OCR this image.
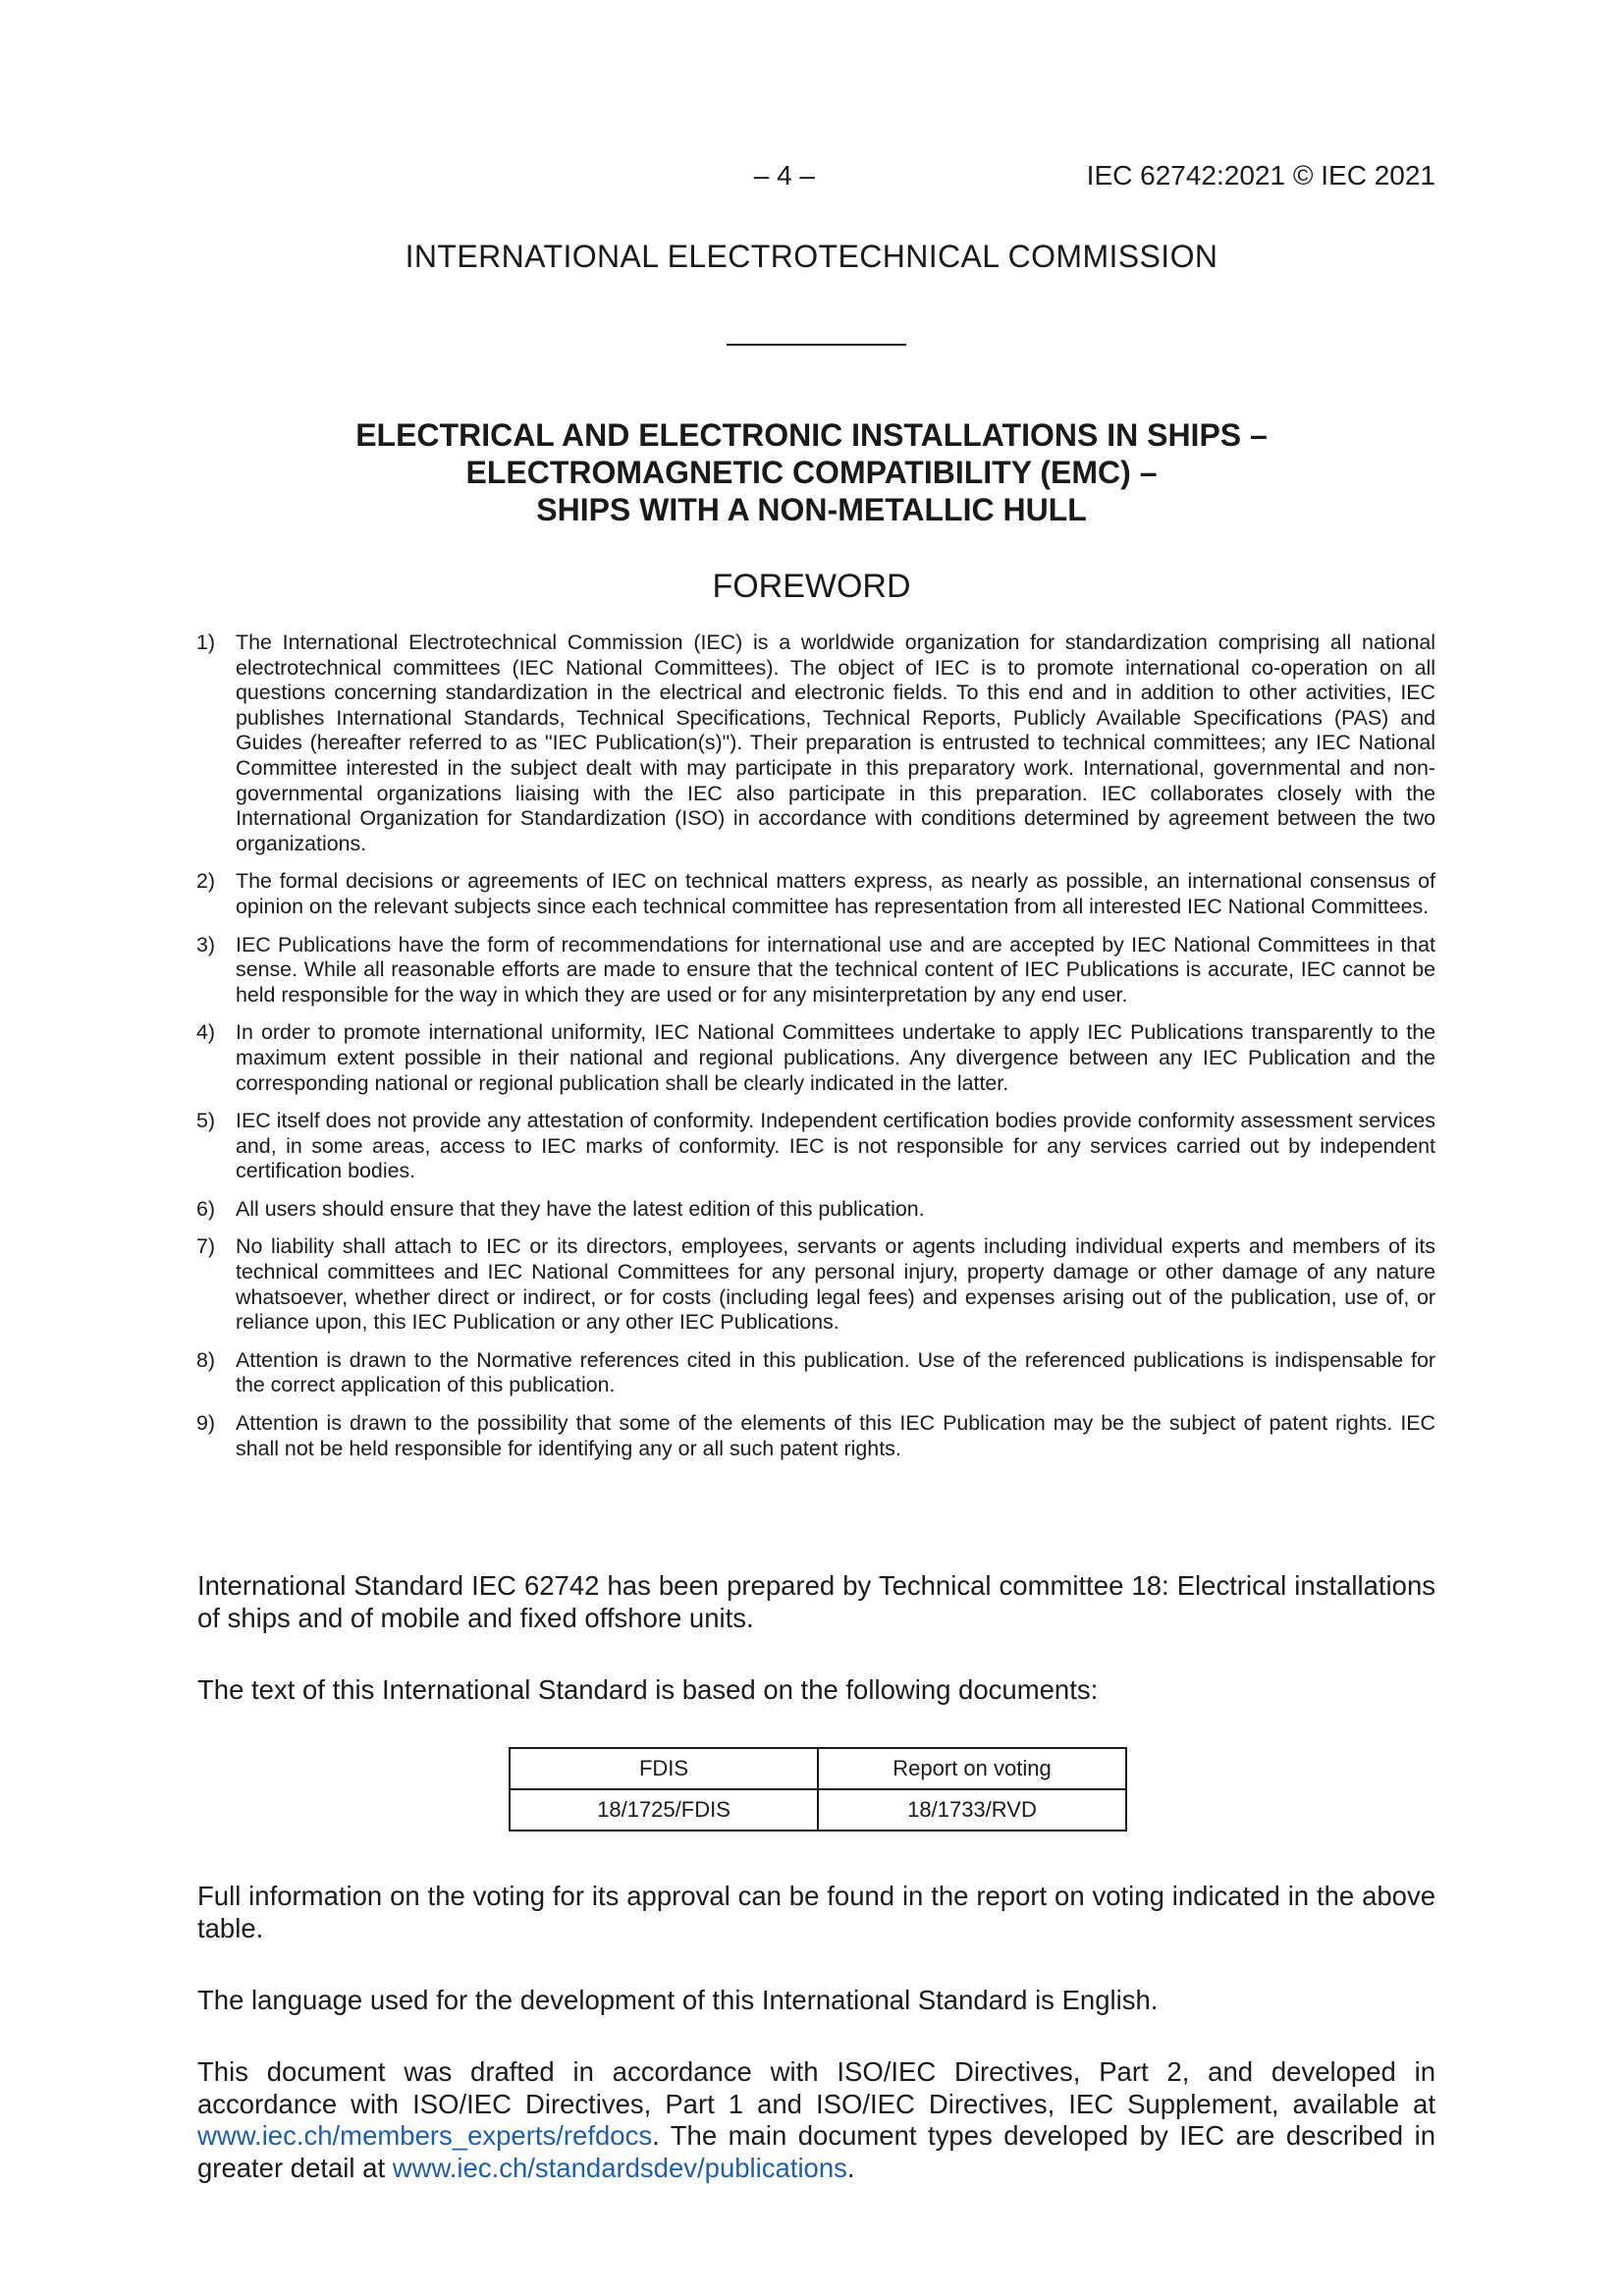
– 4 –	IEC 62742:2021 © IEC 2021
INTERNATIONAL ELECTROTECHNICAL COMMISSION
ELECTRICAL AND ELECTRONIC INSTALLATIONS IN SHIPS –
ELECTROMAGNETIC COMPATIBILITY (EMC) –
SHIPS WITH A NON-METALLIC HULL
FOREWORD
1) The International Electrotechnical Commission (IEC) is a worldwide organization for standardization comprising all national electrotechnical committees (IEC National Committees). The object of IEC is to promote international co-operation on all questions concerning standardization in the electrical and electronic fields. To this end and in addition to other activities, IEC publishes International Standards, Technical Specifications, Technical Reports, Publicly Available Specifications (PAS) and Guides (hereafter referred to as "IEC Publication(s)"). Their preparation is entrusted to technical committees; any IEC National Committee interested in the subject dealt with may participate in this preparatory work. International, governmental and non-governmental organizations liaising with the IEC also participate in this preparation. IEC collaborates closely with the International Organization for Standardization (ISO) in accordance with conditions determined by agreement between the two organizations.
2) The formal decisions or agreements of IEC on technical matters express, as nearly as possible, an international consensus of opinion on the relevant subjects since each technical committee has representation from all interested IEC National Committees.
3) IEC Publications have the form of recommendations for international use and are accepted by IEC National Committees in that sense. While all reasonable efforts are made to ensure that the technical content of IEC Publications is accurate, IEC cannot be held responsible for the way in which they are used or for any misinterpretation by any end user.
4) In order to promote international uniformity, IEC National Committees undertake to apply IEC Publications transparently to the maximum extent possible in their national and regional publications. Any divergence between any IEC Publication and the corresponding national or regional publication shall be clearly indicated in the latter.
5) IEC itself does not provide any attestation of conformity. Independent certification bodies provide conformity assessment services and, in some areas, access to IEC marks of conformity. IEC is not responsible for any services carried out by independent certification bodies.
6) All users should ensure that they have the latest edition of this publication.
7) No liability shall attach to IEC or its directors, employees, servants or agents including individual experts and members of its technical committees and IEC National Committees for any personal injury, property damage or other damage of any nature whatsoever, whether direct or indirect, or for costs (including legal fees) and expenses arising out of the publication, use of, or reliance upon, this IEC Publication or any other IEC Publications.
8) Attention is drawn to the Normative references cited in this publication. Use of the referenced publications is indispensable for the correct application of this publication.
9) Attention is drawn to the possibility that some of the elements of this IEC Publication may be the subject of patent rights. IEC shall not be held responsible for identifying any or all such patent rights.
International Standard IEC 62742 has been prepared by Technical committee 18: Electrical installations of ships and of mobile and fixed offshore units.
The text of this International Standard is based on the following documents:
FDIS	Report on voting
18/1725/FDIS	18/1733/RVD
Full information on the voting for its approval can be found in the report on voting indicated in the above table.
The language used for the development of this International Standard is English.
This document was drafted in accordance with ISO/IEC Directives, Part 2, and developed in accordance with ISO/IEC Directives, Part 1 and ISO/IEC Directives, IEC Supplement, available at www.iec.ch/members_experts/refdocs. The main document types developed by IEC are described in greater detail at www.iec.ch/standardsdev/publications.
